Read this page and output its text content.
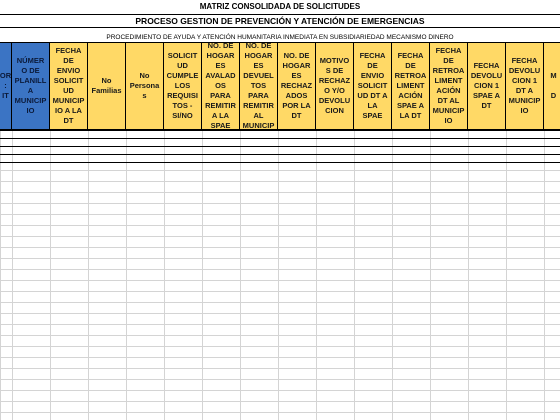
MATRIZ CONSOLIDADA DE SOLICITUDES
PROCESO GESTION DE PREVENCIÓN Y ATENCIÓN DE EMERGENCIAS
PROCEDIMIENTO DE AYUDA Y ATENCIÓN HUMANITARIA INMEDIATA EN SUBSIDIARIEDAD MECANISMO DINERO
OR
:
IT
NÚMER
O DE
PLANILL
A
MUNICIP
IO
FECHA
DE
ENVIO
SOLICIT
UD
MUNICIP
IO A LA
DT
No
Familias
No
Persona
s
SOLICIT
UD
CUMPLE
LOS
REQUISI
TOS -
SI/NO
NO. DE
HOGAR
ES
AVALAD
OS
PARA
REMITIR
A LA
SPAE
NO. DE
HOGAR
ES
DEVUEL
TOS
PARA
REMITIR
AL
MUNICIP
NO. DE
HOGAR
ES
RECHAZ
ADOS
POR LA
DT
MOTIVO
S DE
RECHAZ
O Y/O
DEVOLU
CION
FECHA
DE
ENVIO
SOLICIT
UD DT A
LA
SPAE
FECHA
DE
RETROA
LIMENT
ACIÓN
SPAE A
LA DT
FECHA
DE
RETROA
LIMENT
ACIÓN
DT AL
MUNICIP
IO
FECHA
DEVOLU
CION 1
SPAE A
DT
FECHA
DEVOLU
CION 1
DT A
MUNICIP
IO
M

D
